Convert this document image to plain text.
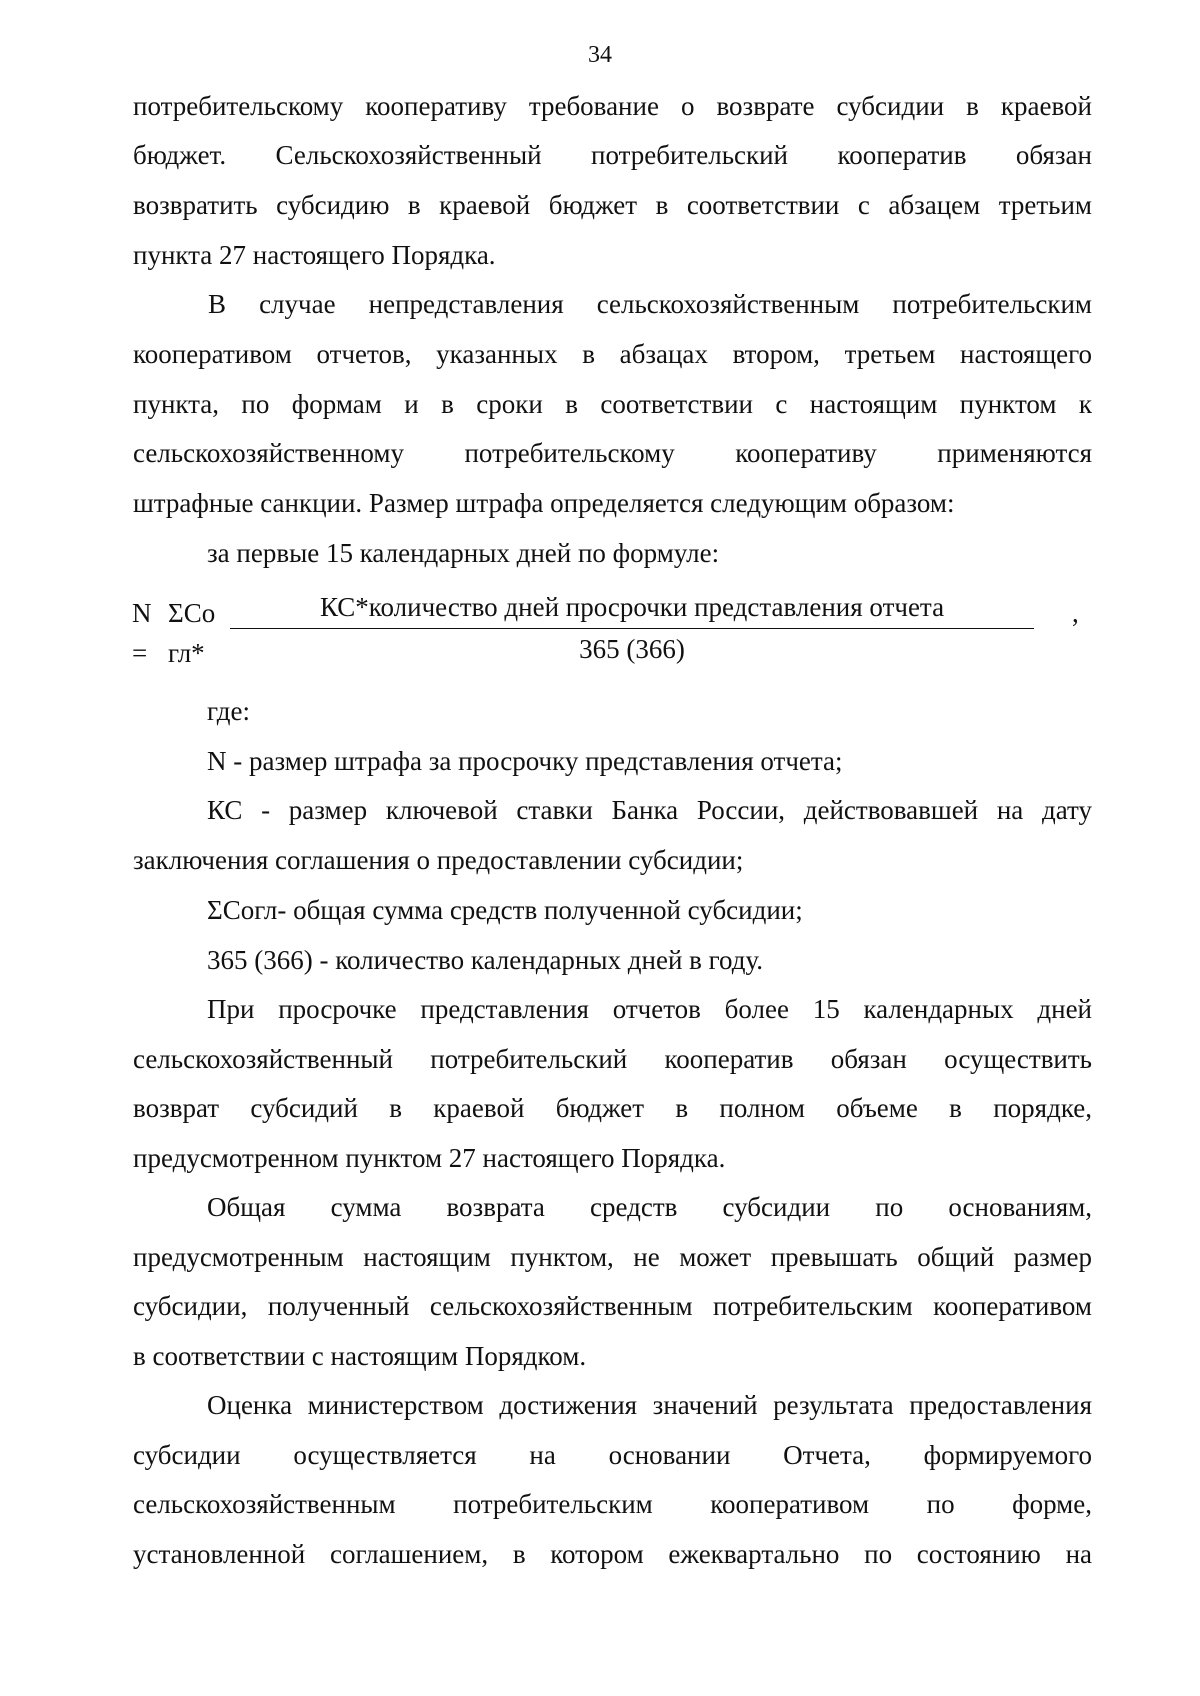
34
потребительскому кооперативу требование о возврате субсидии в краевой
бюджет. Сельскохозяйственный потребительский кооператив обязан
возвратить субсидию в краевой бюджет в соответствии с абзацем третьим
пункта 27 настоящего Порядка.
В случае непредставления сельскохозяйственным потребительским
кооперативом отчетов, указанных в абзацах втором, третьем настоящего
пункта, по формам и в сроки в соответствии с настоящим пунктом к
сельскохозяйственному потребительскому кооперативу применяются
штрафные санкции. Размер штрафа определяется следующим образом:
за первые 15 календарных дней по формуле:
N
=
ΣСо
гл*
КС*количество дней просрочки представления отчета
365 (366)
,
где:
N - размер штрафа за просрочку представления отчета;
КС - размер ключевой ставки Банка России, действовавшей на дату
заключения соглашения о предоставлении субсидии;
ΣСогл- общая сумма средств полученной субсидии;
365 (366) - количество календарных дней в году.
При просрочке представления отчетов более 15 календарных дней
сельскохозяйственный потребительский кооператив обязан осуществить
возврат субсидий в краевой бюджет в полном объеме в порядке,
предусмотренном пунктом 27 настоящего Порядка.
Общая сумма возврата средств субсидии по основаниям,
предусмотренным настоящим пунктом, не может превышать общий размер
субсидии, полученный сельскохозяйственным потребительским кооперативом
в соответствии с настоящим Порядком.
Оценка министерством достижения значений результата предоставления
субсидии осуществляется на основании Отчета, формируемого
сельскохозяйственным потребительским кооперативом по форме,
установленной соглашением, в котором ежеквартально по состоянию на
